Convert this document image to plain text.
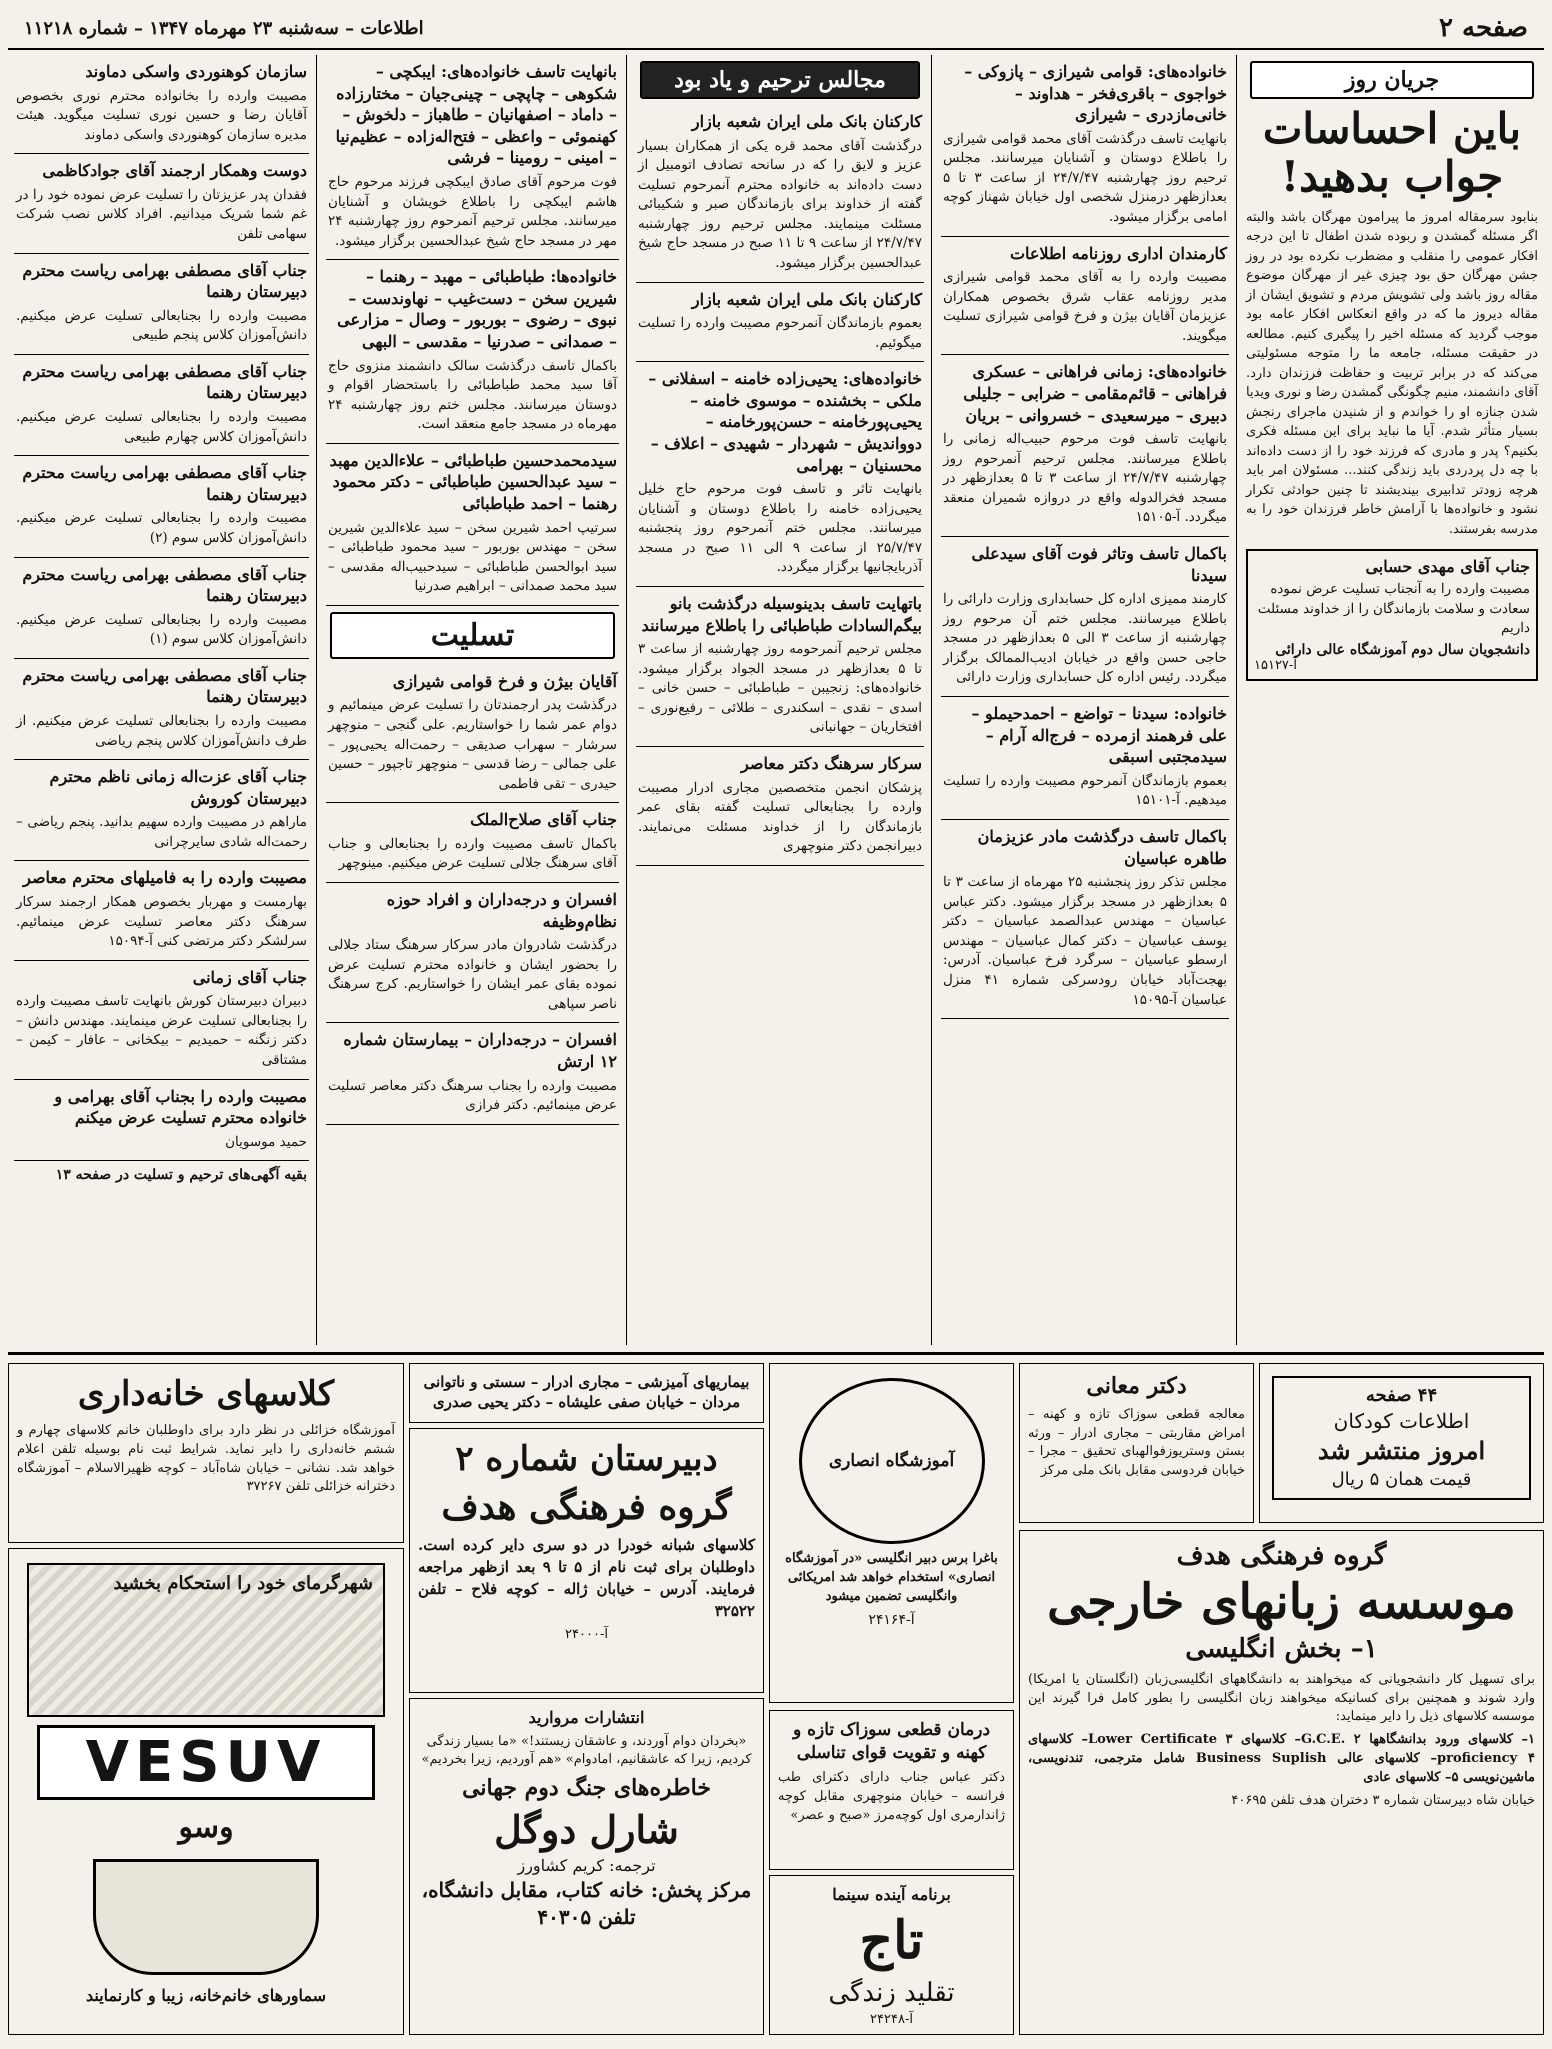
صفحه ۲
اطلاعات – سه‌شنبه ۲۳ مهرماه ۱۳۴۷ – شماره ۱۱۲۱۸
جریان روز
باین احساسات جواب بدهید!

بنابود سرمقاله امروز ما پیرامون مهرگان باشد والبته اگر مسئله گمشدن و ربوده شدن اطفال تا این درجه افکار عمومی را منقلب و مضطرب نکرده بود در روز جشن مهرگان حق بود چیزی غیر از مهرگان موضوع مقاله روز باشد ولی تشویش مردم و تشویق ایشان از مقاله دیروز ما که در واقع انعکاس افکار عامه بود موجب گردید که مسئله اخیر را پیگیری کنیم. مطالعه در حقیقت مسئله، جامعه ما را متوجه مسئولیتی می‌کند که در برابر تربیت و حفاظت فرزندان دارد. آقای دانشمند، منیم چگونگی گمشدن رضا و نوری ویدیا شدن جنازه او را خواندم و از شنیدن ماجرای رنجش بسیار متأثر شدم. آیا ما نباید برای این مسئله فکری بکنیم؟ پدر و مادری که فرزند خود را از دست داده‌اند با چه دل پردردی باید زندگی کنند... مسئولان امر باید هرچه زودتر تدابیری بیندیشند تا چنین حوادثی تکرار نشود و خانواده‌ها با آرامش خاطر فرزندان خود را به مدرسه بفرستند.

جناب آقای مهدی حسابی

مصیبت وارده را به آنجناب تسلیت عرض نموده سعادت و سلامت بازماندگان را از خداوند مسئلت داریم

دانشجویان سال دوم آموزشگاه عالی دارائی

آ-۱۵۱۲۷

خانواده‌های: قوامی شیرازی – پازوکی – خواجوی – باقری‌فخر – هداوند – خانی‌مازدری – شیرازی

بانهایت تاسف درگذشت آقای محمد قوامی شیرازی را باطلاع دوستان و آشنایان میرسانند. مجلس ترحیم روز چهارشنبه ۲۴/۷/۴۷ از ساعت ۳ تا ۵ بعدازظهر درمنزل شخصی اول خیابان شهناز کوچه امامی برگزار میشود.

کارمندان اداری روزنامه اطلاعات

مصیبت وارده را به آقای محمد قوامی شیرازی مدیر روزنامه عقاب شرق بخصوص همکاران عزیزمان آقایان بیژن و فرخ قوامی شیرازی تسلیت میگویند.

خانواده‌های: زمانی فراهانی – عسکری فراهانی – قائم‌مقامی – ضرابی – جلیلی دبیری – میرسعیدی – خسروانی – بریان

بانهایت تاسف فوت مرحوم حبیب‌اله زمانی را باطلاع میرسانند. مجلس ترحیم آنمرحوم روز چهارشنبه ۲۴/۷/۴۷ از ساعت ۳ تا ۵ بعدازظهر در مسجد فخرالدوله واقع در دروازه شمیران منعقد میگردد. آ-۱۵۱۰۵

باکمال تاسف وتاثر فوت آقای سیدعلی سیدنا

کارمند ممیزی اداره کل حسابداری وزارت دارائی را باطلاع میرسانند. مجلس ختم آن مرحوم روز چهارشنبه از ساعت ۳ الی ۵ بعدازظهر در مسجد حاجی حسن واقع در خیابان ادیب‌الممالک برگزار میگردد. رئیس اداره کل حسابداری وزارت دارائی

خانواده: سیدنا – تواضع – احمدحیملو – علی فرهمند ازمرده – فرج‌اله آرام – سیدمجتبی اسبقی

بعموم بازماندگان آنمرحوم مصیبت وارده را تسلیت میدهیم. آ-۱۵۱۰۱

باکمال تاسف درگذشت مادر عزیزمان طاهره عباسیان

مجلس تذکر روز پنجشنبه ۲۵ مهرماه از ساعت ۳ تا ۵ بعدازظهر در مسجد برگزار میشود. دکتر عباس عباسیان – مهندس عبدالصمد عباسیان – دکتر یوسف عباسیان – دکتر کمال عباسیان – مهندس ارسطو عباسیان – سرگرد فرخ عباسیان. آدرس: بهجت‌آباد خیابان رودسرکی شماره ۴۱ منزل عباسیان آ-۱۵۰۹۵

مجالس ترحیم و یاد بود
کارکنان بانک ملی ایران شعبه بازار

درگذشت آقای محمد قره یکی از همکاران بسیار عزیز و لایق را که در سانحه تصادف اتومبیل از دست داده‌اند به خانواده محترم آنمرحوم تسلیت گفته از خداوند برای بازماندگان صبر و شکیبائی مسئلت مینمایند. مجلس ترحیم روز چهارشنبه ۲۴/۷/۴۷ از ساعت ۹ تا ۱۱ صبح در مسجد حاج شیخ عبدالحسین برگزار میشود.

کارکنان بانک ملی ایران شعبه بازار

بعموم بازماندگان آنمرحوم مصیبت وارده را تسلیت میگوئیم.

خانواده‌های: یحیی‌زاده خامنه – اسفلانی – ملکی – بخشنده – موسوی خامنه – یحیی‌پورخامنه – حسن‌پورخامنه – دوواندیش – شهردار – شهیدی – اعلاف – محسنیان – بهرامی

بانهایت تاثر و تاسف فوت مرحوم حاج خلیل یحیی‌زاده خامنه را باطلاع دوستان و آشنایان میرسانند. مجلس ختم آنمرحوم روز پنجشنبه ۲۵/۷/۴۷ از ساعت ۹ الی ۱۱ صبح در مسجد آذربایجانیها برگزار میگردد.

باتهایت تاسف بدینوسیله درگذشت بانو بیگم‌السادات طباطبائی را باطلاع میرسانند

مجلس ترحیم آنمرحومه روز چهارشنبه از ساعت ۳ تا ۵ بعدازظهر در مسجد الجواد برگزار میشود. خانواده‌های: زنجیبن – طباطبائی – حسن خانی – اسدی – نقدی – اسکندری – طلائی – رفیع‌نوری – افتخاریان – جهانبانی

سرکار سرهنگ دکتر معاصر

پزشکان انجمن متخصصین مجاری ادرار مصیبت وارده را بجنابعالی تسلیت گفته بقای عمر بازماندگان را از خداوند مسئلت می‌نمایند. دبیرانجمن دکتر منوچهری

بانهایت تاسف خانواده‌های: ایبکچی – شکوهی – چاپچی – چینی‌جیان – مختارزاده – داماد – اصفهانیان – طاهباز – دلخوش – کهنموئی – واعظی – فتح‌اله‌زاده – عظیم‌نیا – امینی – رومینا – فرشی

فوت مرحوم آقای صادق ایبکچی فرزند مرحوم حاج هاشم ایبکچی را باطلاع خویشان و آشنایان میرسانند. مجلس ترحیم آنمرحوم روز چهارشنبه ۲۴ مهر در مسجد حاج شیخ عبدالحسین برگزار میشود.

خانواده‌ها: طباطبائی – مهبد – رهنما – شیرین سخن – دست‌غیب – نهاوندست – نبوی – رضوی – بوربور – وصال – مزارعی – صمدانی – صدرنیا – مقدسی – البهی

باکمال تاسف درگذشت سالک دانشمند منزوی حاج آقا سید محمد طباطبائی را باستحضار اقوام و دوستان میرسانند. مجلس ختم روز چهارشنبه ۲۴ مهرماه در مسجد جامع منعقد است.

سیدمحمدحسین طباطبائی – علاءالدین مهبد – سید عبدالحسین طباطبائی – دکتر محمود رهنما – احمد طباطبائی

سرتیپ احمد شیرین سخن – سید علاءالدین شیرین سخن – مهندس بوربور – سید محمود طباطبائی – سید ابوالحسن طباطبائی – سیدحبیب‌اله مقدسی – سید محمد صمدانی – ابراهیم صدرنیا

تسلیت
آقایان بیژن و فرخ قوامی شیرازی

درگذشت پدر ارجمندتان را تسلیت عرض مینمائیم و دوام عمر شما را خواستاریم. علی گنجی – منوچهر سرشار – سهراب صدیقی – رحمت‌اله یحیی‌پور – علی جمالی – رضا قدسی – منوچهر تاجپور – حسین حیدری – تقی فاطمی

جناب آقای صلاح‌الملک

باکمال تاسف مصیبت وارده را بجنابعالی و جناب آقای سرهنگ جلالی تسلیت عرض میکنیم. مینوچهر

افسران و درجه‌داران و افراد حوزه نظام‌وظیفه

درگذشت شادروان مادر سرکار سرهنگ ستاد جلالی را بحضور ایشان و خانواده محترم تسلیت عرض نموده بقای عمر ایشان را خواستاریم. کرج سرهنگ ناصر سپاهی

افسران – درجه‌داران – بیمارستان شماره ۱۲ ارتش

مصیبت وارده را بجناب سرهنگ دکتر معاصر تسلیت عرض مینمائیم. دکتر فرازی

سازمان کوهنوردی واسکی دماوند

مصیبت وارده را بخانواده محترم نوری بخصوص آقایان رضا و حسین نوری تسلیت میگوید. هیئت مدیره سازمان کوهنوردی واسکی دماوند

دوست وهمکار ارجمند آقای جوادکاظمی

فقدان پدر عزیزتان را تسلیت عرض نموده خود را در غم شما شریک میدانیم. افراد کلاس نصب شرکت سهامی تلفن

جناب آقای مصطفی بهرامی ریاست محترم دبیرستان رهنما

مصیبت وارده را بجنابعالی تسلیت عرض میکنیم. دانش‌آموزان کلاس پنجم طبیعی

جناب آقای مصطفی بهرامی ریاست محترم دبیرستان رهنما

مصیبت وارده را بجنابعالی تسلیت عرض میکنیم. دانش‌آموزان کلاس چهارم طبیعی

جناب آقای مصطفی بهرامی ریاست محترم دبیرستان رهنما

مصیبت وارده را بجنابعالی تسلیت عرض میکنیم. دانش‌آموزان کلاس سوم (۲)

جناب آقای مصطفی بهرامی ریاست محترم دبیرستان رهنما

مصیبت وارده را بجنابعالی تسلیت عرض میکنیم. دانش‌آموزان کلاس سوم (۱)

جناب آقای مصطفی بهرامی ریاست محترم دبیرستان رهنما

مصیبت وارده را بجنابعالی تسلیت عرض میکنیم. از طرف دانش‌آموزان کلاس پنجم ریاضی

جناب آقای عزت‌اله زمانی ناظم محترم دبیرستان کوروش

ماراهم در مصیبت وارده سهیم بدانید. پنجم ریاضی – رحمت‌اله شادی سایرچرانی

مصیبت وارده را به فامیلهای محترم معاصر

بهارمست و مهربار بخصوص همکار ارجمند سرکار سرهنگ دکتر معاصر تسلیت عرض مینمائیم. سرلشکر دکتر مرتضی کنی آ-۱۵۰۹۴

جناب آقای زمانی

دبیران دبیرستان کورش بانهایت تاسف مصیبت وارده را بجنابعالی تسلیت عرض مینمایند. مهندس دانش – دکتر زنگنه – حمیدیم – بیکخانی – عافار – کیمن – مشتاقی

مصیبت وارده را بجناب آقای بهرامی و خانواده محترم تسلیت عرض میکنم

حمید موسویان

بقیه آگهی‌های ترحیم و تسلیت در صفحه ۱۳

۴۴ صفحه

اطلاعات کودکان

امروز منتشر شد

قیمت همان ۵ ریال

دکتر معانی

معالجه قطعی سوزاک تازه و کهنه – امراض مقاربتی – مجاری ادرار – ورثه بستن وستریوزفوالهبای تحقیق – مجرا – خیابان فردوسی مقابل بانک ملی مرکز

گروه فرهنگی هدف

موسسه زبانهای خارجی

۱– بخش انگلیسی

برای تسهیل کار دانشجویانی که میخواهند به دانشگاههای انگلیسی‌زبان (انگلستان یا امریکا) وارد شوند و همچنین برای کسانیکه میخواهند زبان انگلیسی را بطور کامل فرا گیرند این موسسه کلاسهای ذیل را دایر مینماید:

۱– کلاسهای ورود بدانشگاهها G.C.E. ۲– کلاسهای Lower Certificate ۳– کلاسهای proficiency ۴– کلاسهای عالی Business Suplish شامل مترجمی، تندنویسی، ماشین‌نویسی ۵– کلاسهای عادی

خیابان شاه دبیرستان شماره ۳ دختران هدف تلفن ۴۰۶۹۵

آموزشگاه انصاری

باغرا برس دبیر انگلیسی «در آموزشگاه انصاری» استخدام خواهد شد امریکائی وانگلیسی تضمین میشود

آ-۲۴۱۶۴

درمان قطعی سوزاک تازه و کهنه و تقویت قوای تناسلی

دکتر عباس جناب دارای دکترای طب فرانسه – خیابان منوچهری مقابل کوچه ژاندارمری اول کوچه‌مرز «صبح و عصر»

برنامه آینده سینما

تاج

تقلید زندگی

آ-۲۴۲۴۸

بیماریهای آمیزشی – مجاری ادرار – سستی و ناتوانی مردان – خیابان صفی علیشاه – دکتر یحیی صدری

دبیرستان شماره ۲

گروه فرهنگی هدف

کلاسهای شبانه خودرا در دو سری دایر کرده است. داوطلبان برای ثبت نام از ۵ تا ۹ بعد ازظهر مراجعه فرمایند. آدرس – خیابان ژاله – کوچه فلاح – تلفن ۳۲۵۲۲

آ-۲۴۰۰۰

انتشارات مروارید

«بخردان دوام آوردند، و عاشقان زیستند!» «ما بسیار زندگی کردیم، زیرا که عاشقانیم، امادوام» «هم آوردیم، زیرا بخردیم»

خاطره‌های جنگ دوم جهانی

شارل دوگل

ترجمه: کریم کشاورز

مرکز پخش: خانه کتاب، مقابل دانشگاه، تلفن ۴۰۳۰۵

کلاسهای خانه‌داری

آموزشگاه خزائلی در نظر دارد برای داوطلبان خانم کلاسهای چهارم و ششم خانه‌داری را دایر نماید. شرایط ثبت نام بوسیله تلفن اعلام خواهد شد. نشانی – خیابان شاه‌آباد – کوچه ظهیرالاسلام – آموزشگاه دخترانه خزائلی تلفن ۳۷۲۶۷

شهرگرمای خود را استحکام بخشید
VESUV

وسو

سماورهای خانم‌خانه، زیبا و کارنمایند
